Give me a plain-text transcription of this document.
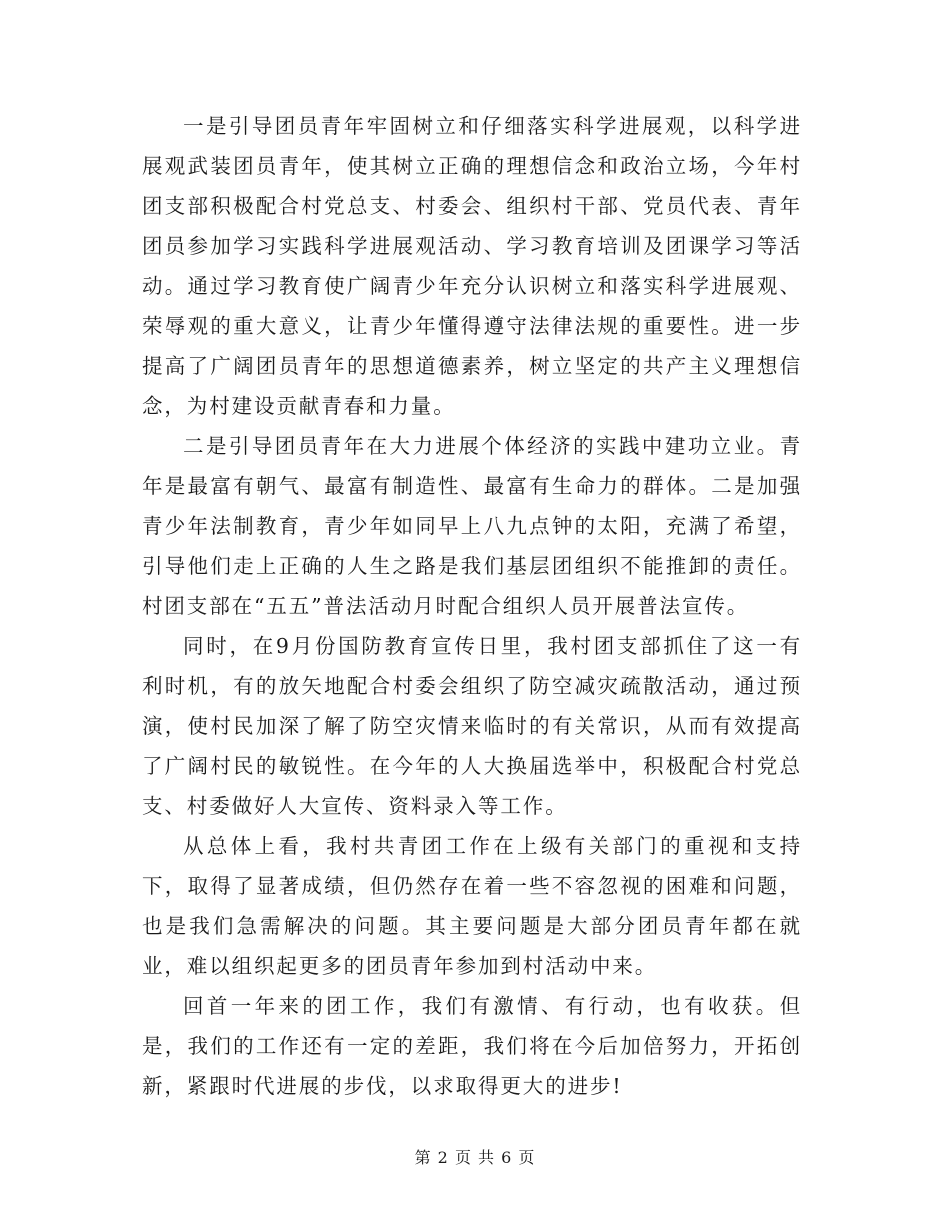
一是引导团员青年牢固树立和仔细落实科学进展观，以科学进展观武装团员青年，使其树立正确的理想信念和政治立场，今年村团支部积极配合村党总支、村委会、组织村干部、党员代表、青年团员参加学习实践科学进展观活动、学习教育培训及团课学习等活动。通过学习教育使广阔青少年充分认识树立和落实科学进展观、荣辱观的重大意义，让青少年懂得遵守法律法规的重要性。进一步提高了广阔团员青年的思想道德素养，树立坚定的共产主义理想信念，为村建设贡献青春和力量。

二是引导团员青年在大力进展个体经济的实践中建功立业。青年是最富有朝气、最富有制造性、最富有生命力的群体。二是加强青少年法制教育，青少年如同早上八九点钟的太阳，充满了希望，引导他们走上正确的人生之路是我们基层团组织不能推卸的责任。村团支部在“五五”普法活动月时配合组织人员开展普法宣传。

同时，在9月份国防教育宣传日里，我村团支部抓住了这一有利时机，有的放矢地配合村委会组织了防空减灾疏散活动，通过预演，使村民加深了解了防空灾情来临时的有关常识，从而有效提高了广阔村民的敏锐性。在今年的人大换届选举中，积极配合村党总支、村委做好人大宣传、资料录入等工作。

从总体上看，我村共青团工作在上级有关部门的重视和支持下，取得了显著成绩，但仍然存在着一些不容忽视的困难和问题，也是我们急需解决的问题。其主要问题是大部分团员青年都在就业，难以组织起更多的团员青年参加到村活动中来。

回首一年来的团工作，我们有激情、有行动，也有收获。但是，我们的工作还有一定的差距，我们将在今后加倍努力，开拓创新，紧跟时代进展的步伐，以求取得更大的进步!

第 2 页 共 6 页
